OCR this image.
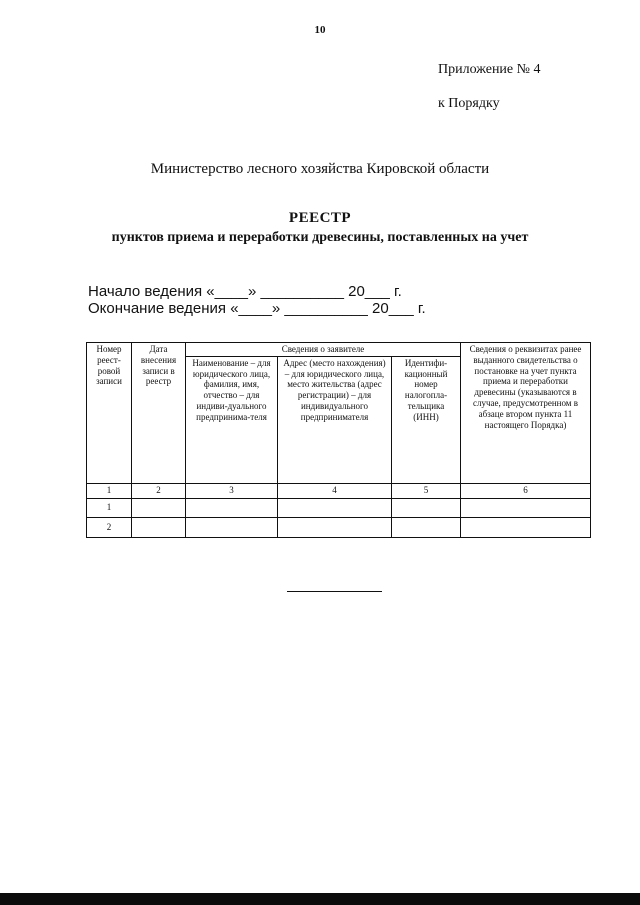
10
Приложение № 4
к Порядку
Министерство лесного хозяйства Кировской области
РЕЕСТР
пунктов приема и переработки древесины, поставленных на учет
Начало ведения «____» __________ 20___ г.
Окончание ведения «____» __________ 20___ г.
Номер реест-ровой записи	Дата внесения записи в реестр	Сведения о заявителе			Сведения о реквизитах ранее выданного свидетельства о постановке на учет пункта приема и переработки древесины (указываются в случае, предусмотренном в абзаце втором пункта 11 настоящего Порядка)
		Наименование – для юридического лица, фамилия, имя, отчество – для индиви-дуального предпринима-теля	Адрес (место нахождения) – для юридического лица, место жительства (адрес регистрации) – для индивидуального предпринимателя	Идентифи-кационный номер налогопла-тельщика (ИНН)	
1	2	3	4	5	6
1					
2					
